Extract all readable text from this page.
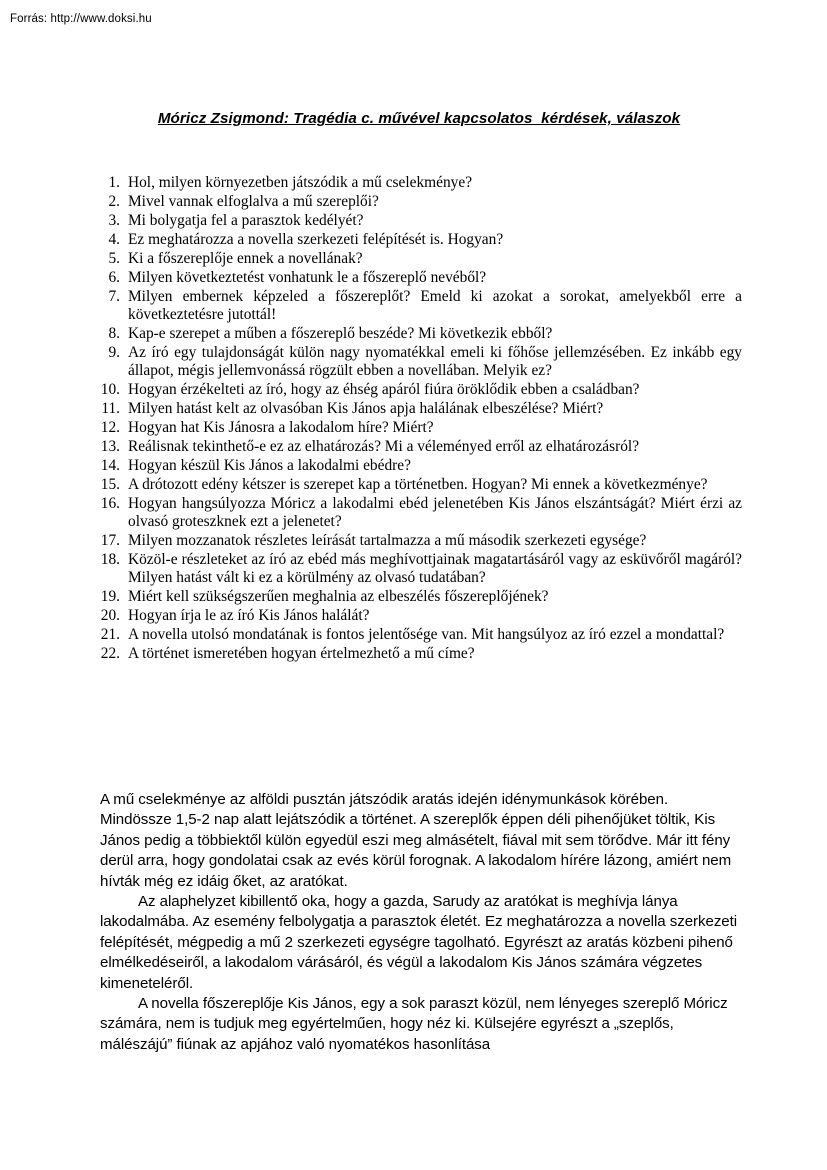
Forrás: http://www.doksi.hu
Móricz Zsigmond: Tragédia c. művével kapcsolatos  kérdések, válaszok
1. Hol, milyen környezetben játszódik a mű cselekménye?
2. Mivel vannak elfoglalva a mű szereplői?
3. Mi bolygatja fel a parasztok kedélyét?
4. Ez meghatározza a novella szerkezeti felépítését is. Hogyan?
5. Ki a főszereplője ennek a novellának?
6. Milyen következtetést vonhatunk le a főszereplő nevéből?
7. Milyen embernek képzeled a főszereplőt? Emeld ki azokat a sorokat, amelyekből erre a következtetésre jutottál!
8. Kap-e szerepet a műben a főszereplő beszéde? Mi következik ebből?
9. Az író egy tulajdonságát külön nagy nyomatékkal emeli ki főhőse jellemzésében. Ez inkább egy állapot, mégis jellemvonássá rögzült ebben a novellában. Melyik ez?
10. Hogyan érzékelteti az író, hogy az éhség apáról fiúra öröklődik ebben a családban?
11. Milyen hatást kelt az olvasóban Kis János apja halálának elbeszélése? Miért?
12. Hogyan hat Kis Jánosra a lakodalom híre? Miért?
13. Reálisnak tekinthető-e ez az elhatározás? Mi a véleményed erről az elhatározásról?
14. Hogyan készül Kis János a lakodalmi ebédre?
15. A drótozott edény kétszer is szerepet kap a történetben. Hogyan? Mi ennek a következménye?
16. Hogyan hangsúlyozza Móricz a lakodalmi ebéd jelenetében Kis János elszántságát? Miért érzi az olvasó groteszknek ezt a jelenetet?
17. Milyen mozzanatok részletes leírását tartalmazza a mű második szerkezeti egysége?
18. Közöl-e részleteket az író az ebéd más meghívottjainak magatartásáról vagy az esküvőről magáról? Milyen hatást vált ki ez a körülmény az olvasó tudatában?
19. Miért kell szükségszerűen meghalnia az elbeszélés főszereplőjének?
20. Hogyan írja le az író Kis János halálát?
21. A novella utolsó mondatának is fontos jelentősége van. Mit hangsúlyoz az író ezzel a mondattal?
22. A történet ismeretében hogyan értelmezhető a mű címe?

A mű cselekménye az alföldi pusztán játszódik aratás idején idénymunkások körében. Mindössze 1,5-2 nap alatt lejátszódik a történet. A szereplők éppen déli pihenőjüket töltik, Kis János pedig a többiektől külön egyedül eszi meg almásételt, fiával mit sem törődve. Már itt fény derül arra, hogy gondolatai csak az evés körül forognak. A lakodalom hírére lázong, amiért nem hívták még ez idáig őket, az aratókat.

Az alaphelyzet kibillentő oka, hogy a gazda, Sarudy az aratókat is meghívja lánya lakodalmába. Az esemény felbolygatja a parasztok életét. Ez meghatározza a novella szerkezeti felépítését, mégpedig a mű 2 szerkezeti egységre tagolható. Egyrészt az aratás közbeni pihenő elmélkedéseiről, a lakodalom várásáról, és végül a lakodalom Kis János számára végzetes kimeneteléről.

A novella főszereplője Kis János, egy a sok paraszt közül, nem lényeges szereplő Móricz számára, nem is tudjuk meg egyértelműen, hogy néz ki. Külsejére egyrészt a „szeplős, málészájú” fiúnak az apjához való nyomatékos hasonlítása
